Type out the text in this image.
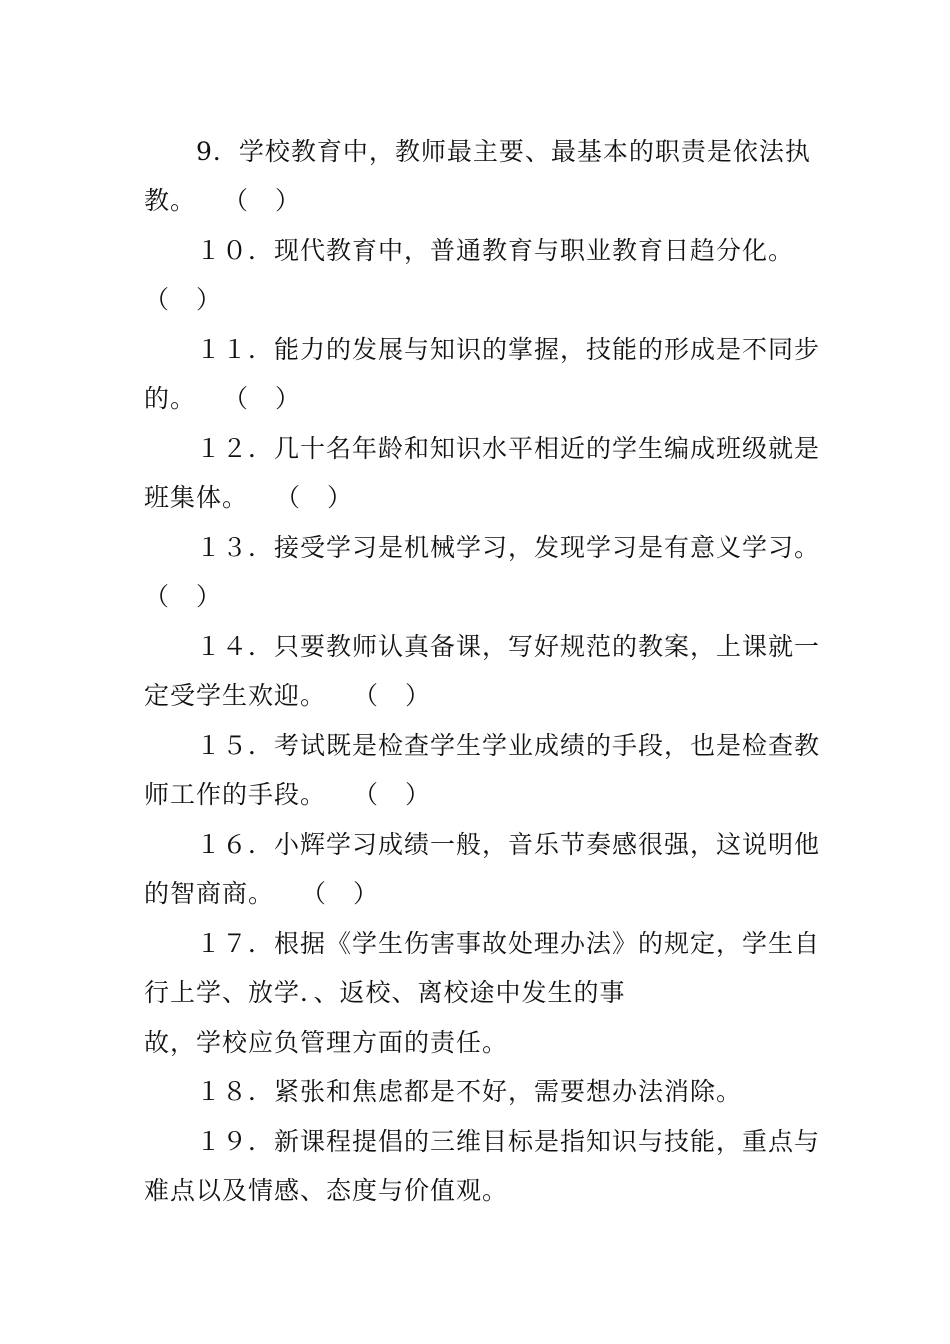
9．学校教育中，教师最主要、最基本的职责是依法执
教。　　（　）
１０．现代教育中，普通教育与职业教育日趋分化。
（　）
１１．能力的发展与知识的掌握，技能的形成是不同步
的。　　（　）
１２．几十名年龄和知识水平相近的学生编成班级就是
班集体。　　（　）
１３．接受学习是机械学习，发现学习是有意义学习。
（　）
１４．只要教师认真备课，写好规范的教案，上课就一
定受学生欢迎。　　（　）
１５．考试既是检查学生学业成绩的手段，也是检查教
师工作的手段。　　（　）
１６．小辉学习成绩一般，音乐节奏感很强，这说明他
的智商商。　　（　）
１７．根据《学生伤害事故处理办法》的规定，学生自
行上学、放学．、返校、离校途中发生的事
故，学校应负管理方面的责任。
１８．紧张和焦虑都是不好，需要想办法消除。
１９．新课程提倡的三维目标是指知识与技能，重点与
难点以及情感、态度与价值观。
